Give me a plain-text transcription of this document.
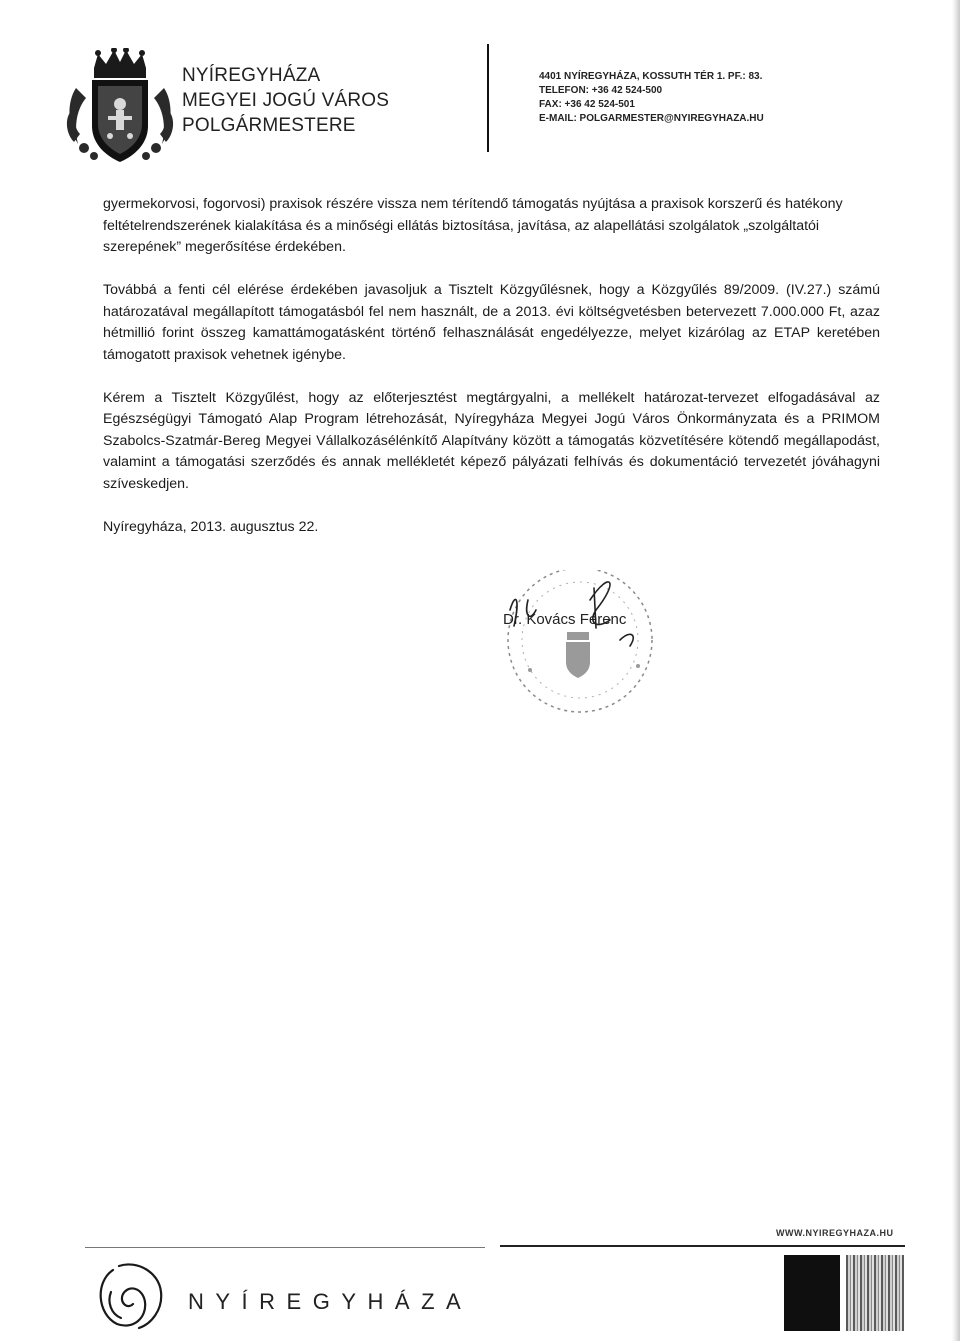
NYÍREGYHÁZA
MEGYEI JOGÚ VÁROS
POLGÁRMESTERE
4401 NYÍREGYHÁZA, KOSSUTH TÉR 1. PF.: 83.
TELEFON: +36 42 524-500
FAX: +36 42 524-501
E-MAIL: POLGARMESTER@NYIREGYHAZA.HU

gyermekorvosi, fogorvosi) praxisok részére vissza nem térítendő támogatás nyújtása a praxisok korszerű és hatékony feltételrendszerének kialakítása és a minőségi ellátás biztosítása, javítása, az alapellátási szolgálatok „szolgáltatói szerepének” megerősítése érdekében.

Továbbá a fenti cél elérése érdekében javasoljuk a Tisztelt Közgyűlésnek, hogy a Közgyűlés 89/2009. (IV.27.) számú határozatával megállapított támogatásból fel nem használt, de a 2013. évi költségvetésben betervezett 7.000.000 Ft, azaz hétmillió forint összeg kamattámogatásként történő felhasználását engedélyezze, melyet kizárólag az ETAP keretében támogatott praxisok vehetnek igénybe.

Kérem a Tisztelt Közgyűlést, hogy az előterjesztést megtárgyalni, a mellékelt határozat-tervezet elfogadásával az Egészségügyi Támogató Alap Program létrehozását, Nyíregyháza Megyei Jogú Város Önkormányzata és a PRIMOM Szabolcs-Szatmár-Bereg Megyei Vállalkozásélénkítő Alapítvány között a támogatás közvetítésére kötendő megállapodást, valamint a támogatási szerződés és annak mellékletét képező pályázati felhívás és dokumentáció tervezetét jóváhagyni szíveskedjen.

Nyíregyháza, 2013. augusztus 22.

Dr. Kovács Ferenc
WWW.NYIREGYHAZA.HU
NYÍREGYHÁZA
